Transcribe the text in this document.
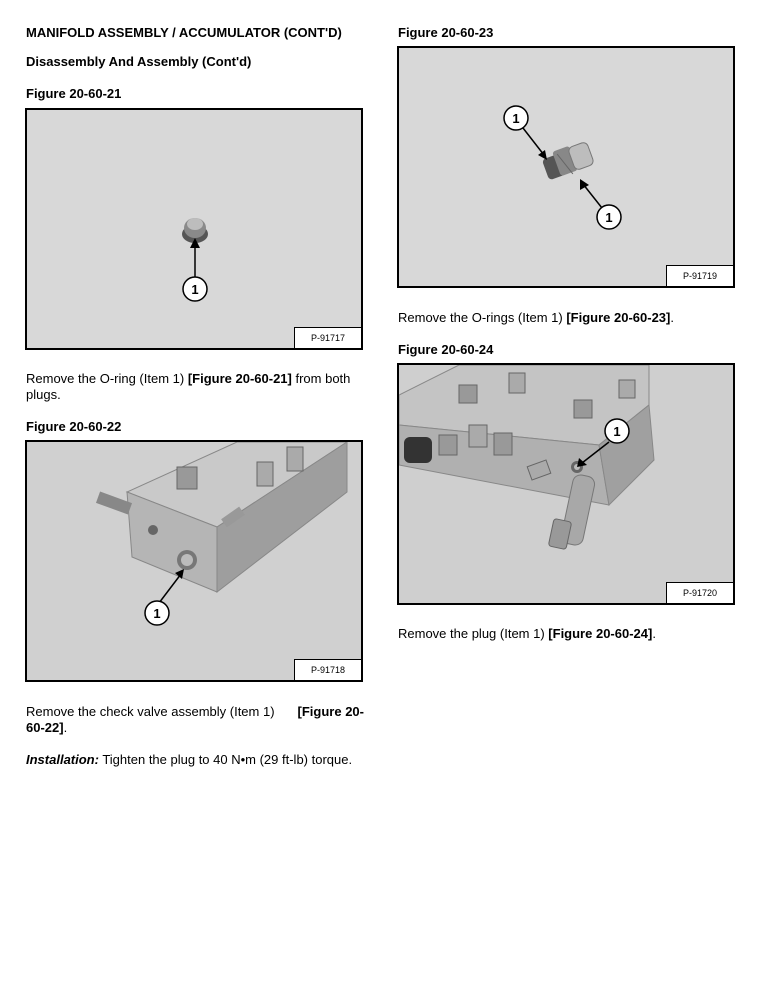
MANIFOLD ASSEMBLY / ACCUMULATOR (CONT'D)
Disassembly And Assembly (Cont'd)
Figure 20-60-21
1
P-91717
Remove the O-ring (Item 1) [Figure 20-60-21] from both
plugs.
Figure 20-60-22
1
P-91718
Remove the check valve assembly (Item 1) [Figure 20-
60-22].
Installation: Tighten the plug to 40 N•m (29 ft-lb) torque.
Figure 20-60-23
1
1
P-91719
Remove the O-rings (Item 1) [Figure 20-60-23].
Figure 20-60-24
1
P-91720
Remove the plug (Item 1) [Figure 20-60-24].
